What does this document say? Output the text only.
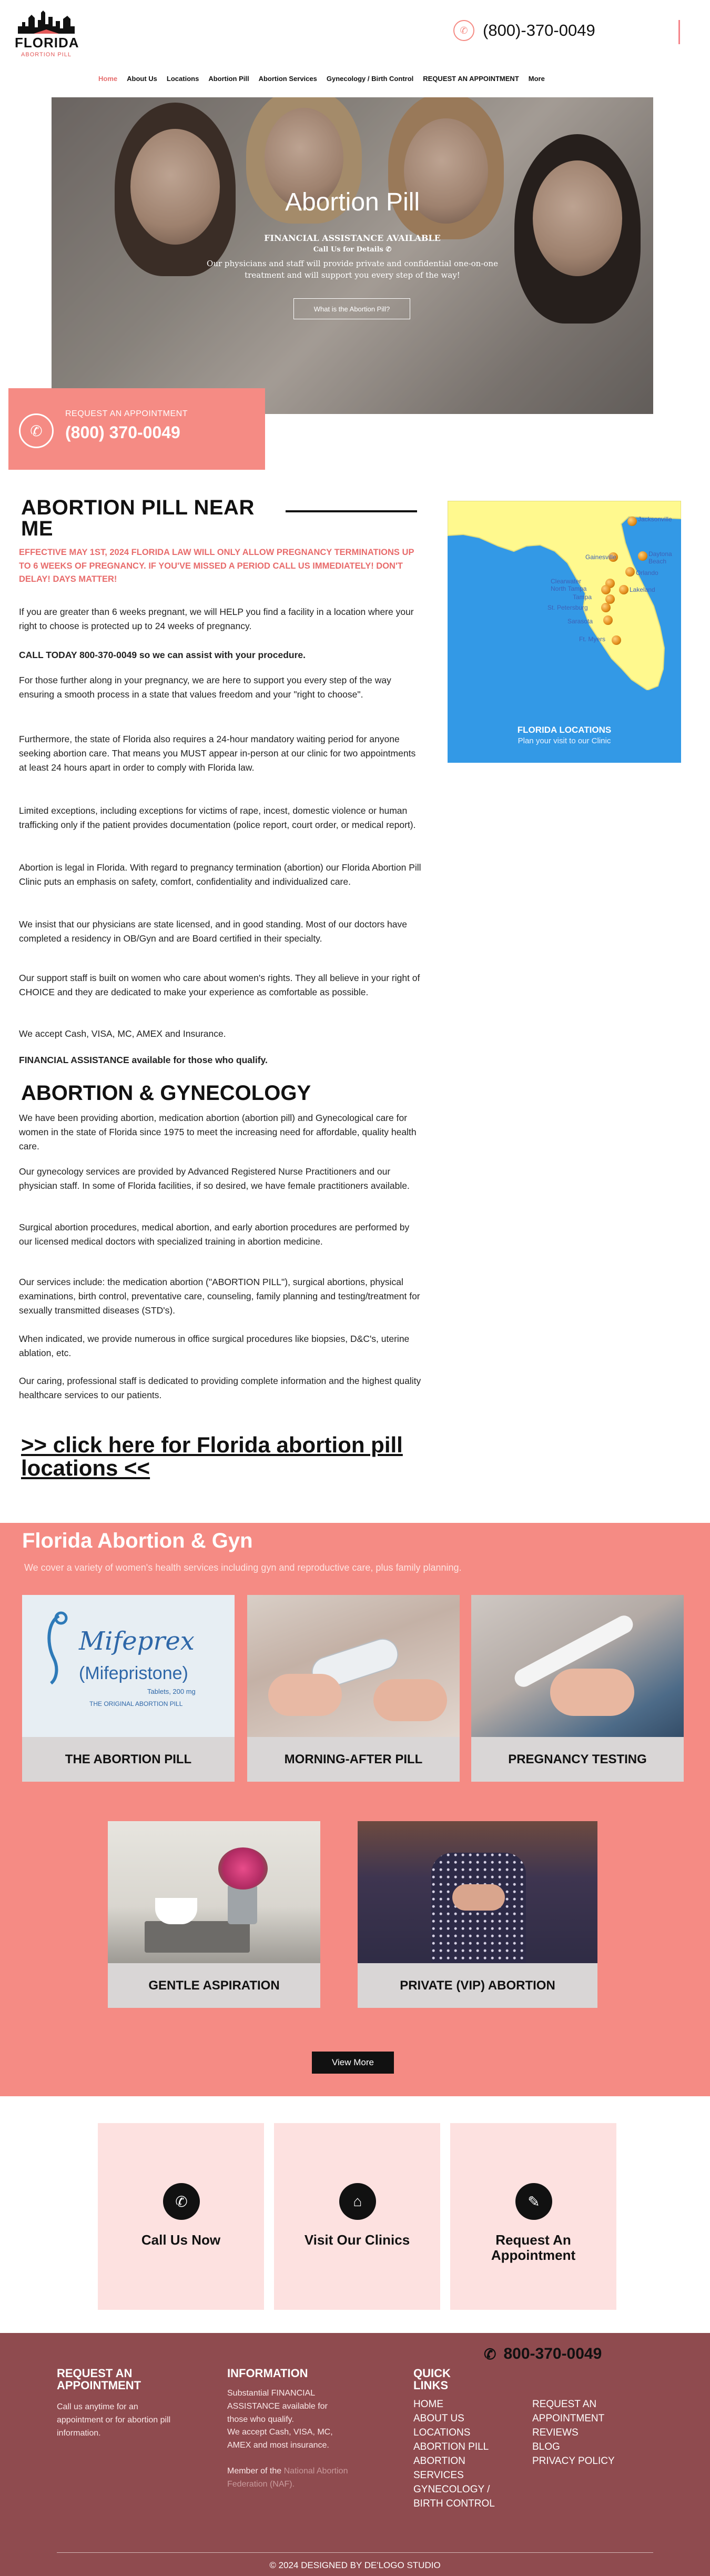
FLORIDA
ABORTION PILL
✆ (800)-370-0049
Home	About Us	Locations	Abortion Pill	Abortion Services	Gynecology / Birth Control	REQUEST AN APPOINTMENT	More
Abortion Pill
FINANCIAL ASSISTANCE AVAILABLE
Call Us for Details ✆
Our physicians and staff will provide private and confidential one-on-one treatment and will support you every step of the way!
What is the Abortion Pill?
✆
REQUEST AN APPOINTMENT
(800) 370-0049
ABORTION PILL NEAR ME
EFFECTIVE MAY 1ST, 2024 FLORIDA LAW WILL ONLY ALLOW PREGNANCY TERMINATIONS UP TO 6 WEEKS OF PREGNANCY. IF YOU'VE MISSED A PERIOD CALL US IMMEDIATELY! DON'T DELAY! DAYS MATTER!
If you are greater than 6 weeks pregnant, we will HELP you find a facility in a location where your right to choose is protected up to 24 weeks of pregnancy.
CALL TODAY 800-370-0049 so we can assist with your procedure.
For those further along in your pregnancy, we are here to support you every step of the way ensuring a smooth process in a state that values freedom and your "right to choose".
Furthermore, the state of Florida also requires a 24-hour mandatory waiting period for anyone seeking abortion care. That means you MUST appear in-person at our clinic for two appointments at least 24 hours apart in order to comply with Florida law.
Limited exceptions, including exceptions for victims of rape, incest, domestic violence or human trafficking only if the patient provides documentation (police report, court order, or medical report).
Abortion is legal in Florida. With regard to pregnancy termination (abortion) our Florida Abortion Pill Clinic puts an emphasis on safety, comfort, confidentiality and individualized care.
We insist that our physicians are state licensed, and in good standing. Most of our doctors have completed a residency in OB/Gyn and are Board certified in their specialty.
Our support staff is built on women who care about women's rights. They all believe in your right of CHOICE and they are dedicated to make your experience as comfortable as possible.
We accept Cash, VISA, MC, AMEX and Insurance.
FINANCIAL ASSISTANCE available for those who qualify.
ABORTION & GYNECOLOGY
We have been providing abortion, medication abortion (abortion pill) and Gynecological care for women in the state of Florida since 1975 to meet the increasing need for affordable, quality health care.
Our gynecology services are provided by Advanced Registered Nurse Practitioners and our physician staff. In some of Florida facilities, if so desired, we have female practitioners available.
Surgical abortion procedures, medical abortion, and early abortion procedures are performed by our licensed medical doctors with specialized training in abortion medicine.
Our services include: the medication abortion ("ABORTION PILL"), surgical abortions, physical examinations, birth control, preventative care, counseling, family planning and testing/treatment for sexually transmitted diseases (STD's).
When indicated, we provide numerous in office surgical procedures like biopsies, D&C's, uterine ablation, etc.
Our caring, professional staff is dedicated to providing complete information and the highest quality healthcare services to our patients.
>> click here for Florida abortion pill locations <<
Jacksonville
Gainesville	Daytona Beach
Orlando
Clearwater
North Tampa
Tampa
Lakeland
St. Petersburg
Sarasota
Ft. Myers
FLORIDA LOCATIONS
Plan your visit to our Clinic
Florida Abortion & Gyn
We cover a variety of women's health services including gyn and reproductive care, plus family planning.
Mifeprex
(Mifepristone)
Tablets, 200 mg
THE ORIGINAL ABORTION PILL
THE ABORTION PILL	MORNING-AFTER PILL	PREGNANCY TESTING
GENTLE ASPIRATION	PRIVATE (VIP) ABORTION
View More
✆
Call Us Now
⌂
Visit Our Clinics
✎
Request An Appointment
✆ 800-370-0049
REQUEST AN APPOINTMENT
Call us anytime for an appointment or for abortion pill information.
INFORMATION
Substantial FINANCIAL ASSISTANCE available for those who qualify.
We accept Cash, VISA, MC, AMEX and most insurance.
Member of the National Abortion Federation (NAF).
QUICK LINKS
HOME
ABOUT US
LOCATIONS
ABORTION PILL
ABORTION SERVICES
GYNECOLOGY / BIRTH CONTROL
REQUEST AN APPOINTMENT
REVIEWS
BLOG
PRIVACY POLICY
© 2024 DESIGNED BY DE'LOGO STUDIO
